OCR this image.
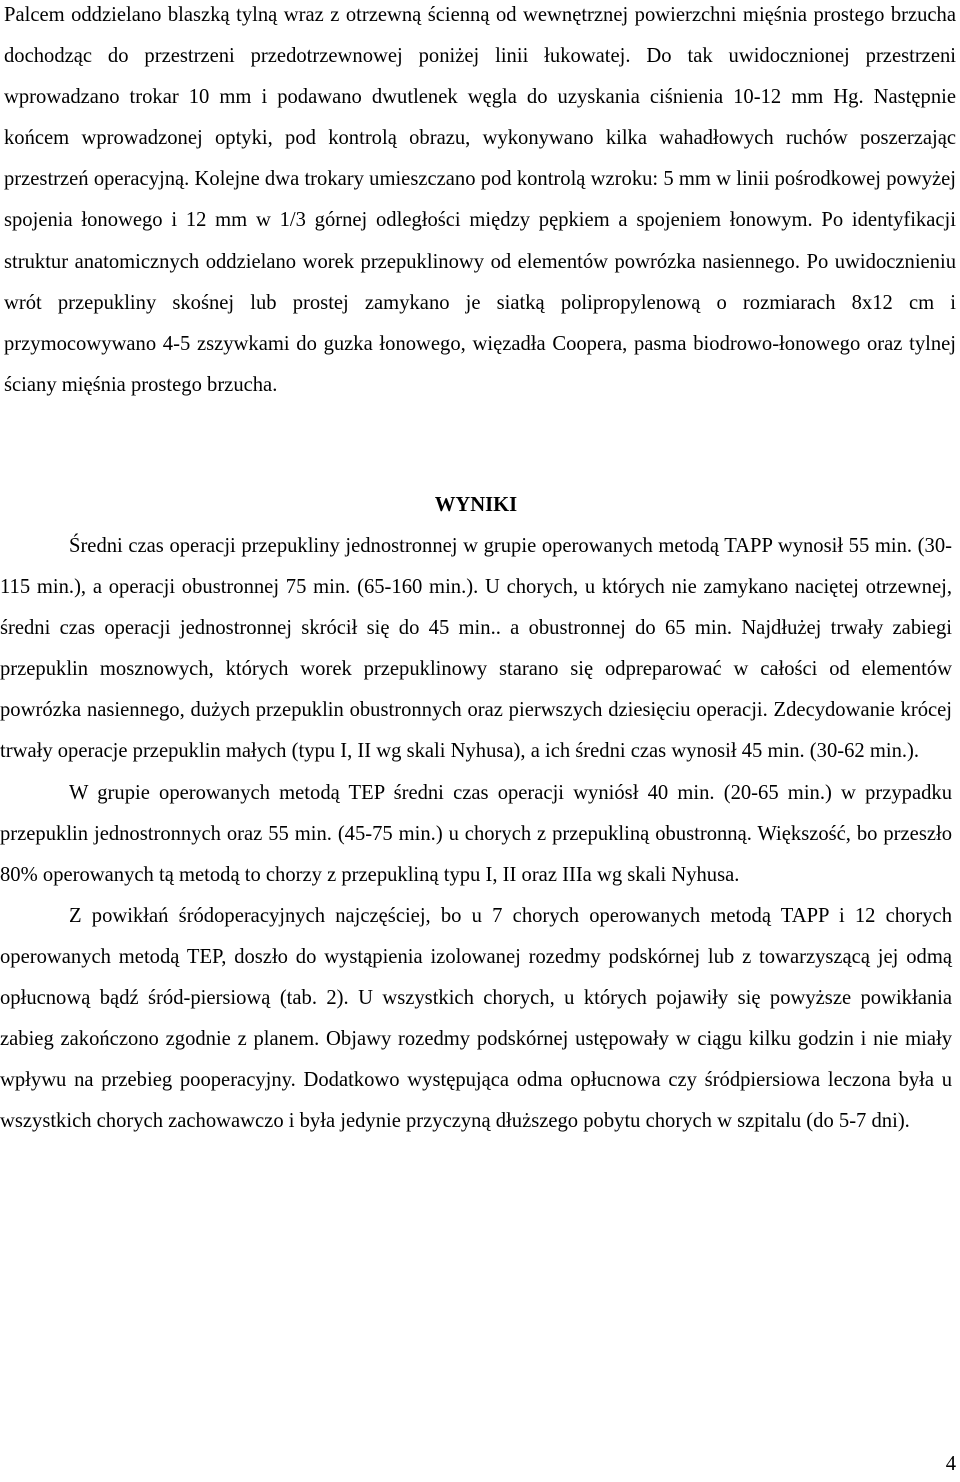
Palcem oddzielano blaszką tylną wraz z otrzewną ścienną od wewnętrznej powierzchni mięśnia prostego brzucha dochodząc do przestrzeni przedotrzewnowej poniżej linii łukowatej. Do tak uwidocznionej przestrzeni wprowadzano trokar 10 mm i podawano dwutlenek węgla do uzyskania ciśnienia 10-12 mm Hg. Następnie końcem wprowadzonej optyki, pod kontrolą obrazu, wykonywano kilka wahadłowych ruchów poszerzając przestrzeń operacyjną. Kolejne dwa trokary umieszczano pod kontrolą wzroku: 5 mm w linii pośrodkowej powyżej spojenia łonowego i 12 mm w 1/3 górnej odległości między pępkiem a spojeniem łonowym. Po identyfikacji struktur anatomicznych oddzielano worek przepuklinowy od elementów powrózka nasiennego. Po uwidocznieniu wrót przepukliny skośnej lub prostej zamykano je siatką polipropylenową o rozmiarach 8x12 cm i przymocowywano 4-5 zszywkami do guzka łonowego, więzadła Coopera, pasma biodrowo-łonowego oraz tylnej ściany mięśnia prostego brzucha.

WYNIKI

Średni czas operacji przepukliny jednostronnej w grupie operowanych metodą TAPP wynosił 55 min. (30-115 min.), a operacji obustronnej 75 min. (65-160 min.). U chorych, u których nie zamykano naciętej otrzewnej, średni czas operacji jednostronnej skrócił się do 45 min.. a obustronnej do 65 min. Najdłużej trwały zabiegi przepuklin mosznowych, których worek przepuklinowy starano się odpreparować w całości od elementów powrózka nasiennego, dużych przepuklin obustronnych oraz pierwszych dziesięciu operacji. Zdecydowanie krócej trwały operacje przepuklin małych (typu I, II wg skali Nyhusa), a ich średni czas wynosił 45 min. (30-62 min.).

W grupie operowanych metodą TEP średni czas operacji wyniósł 40 min. (20-65 min.) w przypadku przepuklin jednostronnych oraz 55 min. (45-75 min.) u chorych z przepukliną obustronną. Większość, bo przeszło 80% operowanych tą metodą to chorzy z przepukliną typu I, II oraz IIIa wg skali Nyhusa.

Z powikłań śródoperacyjnych najczęściej, bo u 7 chorych operowanych metodą TAPP i 12 chorych operowanych metodą TEP, doszło do wystąpienia izolowanej rozedmy podskórnej lub z towarzyszącą jej odmą opłucnową bądź śród-piersiową (tab. 2). U wszystkich chorych, u których pojawiły się powyższe powikłania zabieg zakończono zgodnie z planem. Objawy rozedmy podskórnej ustępowały w ciągu kilku godzin i nie miały wpływu na przebieg pooperacyjny. Dodatkowo występująca odma opłucnowa czy śródpiersiowa leczona była u wszystkich chorych zachowawczo i była jedynie przyczyną dłuższego pobytu chorych w szpitalu (do 5-7 dni).

4
